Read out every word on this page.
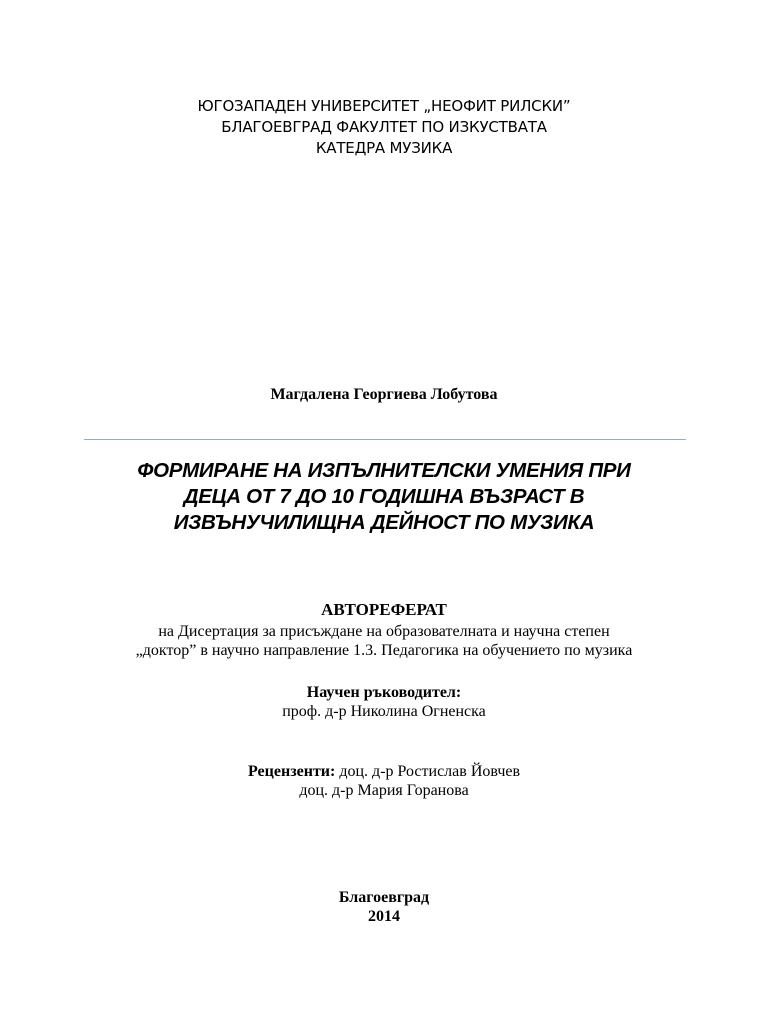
ЮГОЗАПАДЕН УНИВЕРСИТЕТ „НЕОФИТ РИЛСКИ”
БЛАГОЕВГРАД ФАКУЛТЕТ ПО ИЗКУСТВАТА
КАТЕДРА МУЗИКА
Магдалена Георгиева Лобутова
ФОРМИРАНЕ НА ИЗПЪЛНИТЕЛСКИ УМЕНИЯ ПРИ
ДЕЦА ОТ 7 ДО 10 ГОДИШНА ВЪЗРАСТ В
ИЗВЪНУЧИЛИЩНА ДЕЙНОСТ ПО МУЗИКА
АВТОРЕФЕРАТ
на Дисертация за присъждане на образователната и научна степен
„доктор” в научно направление 1.3. Педагогика на обучението по музика
Научен ръководител:
проф. д-р Николина Огненска
Рецензенти: доц. д-р Ростислав Йовчев
доц. д-р Мария Горанова
Благоевград
2014
